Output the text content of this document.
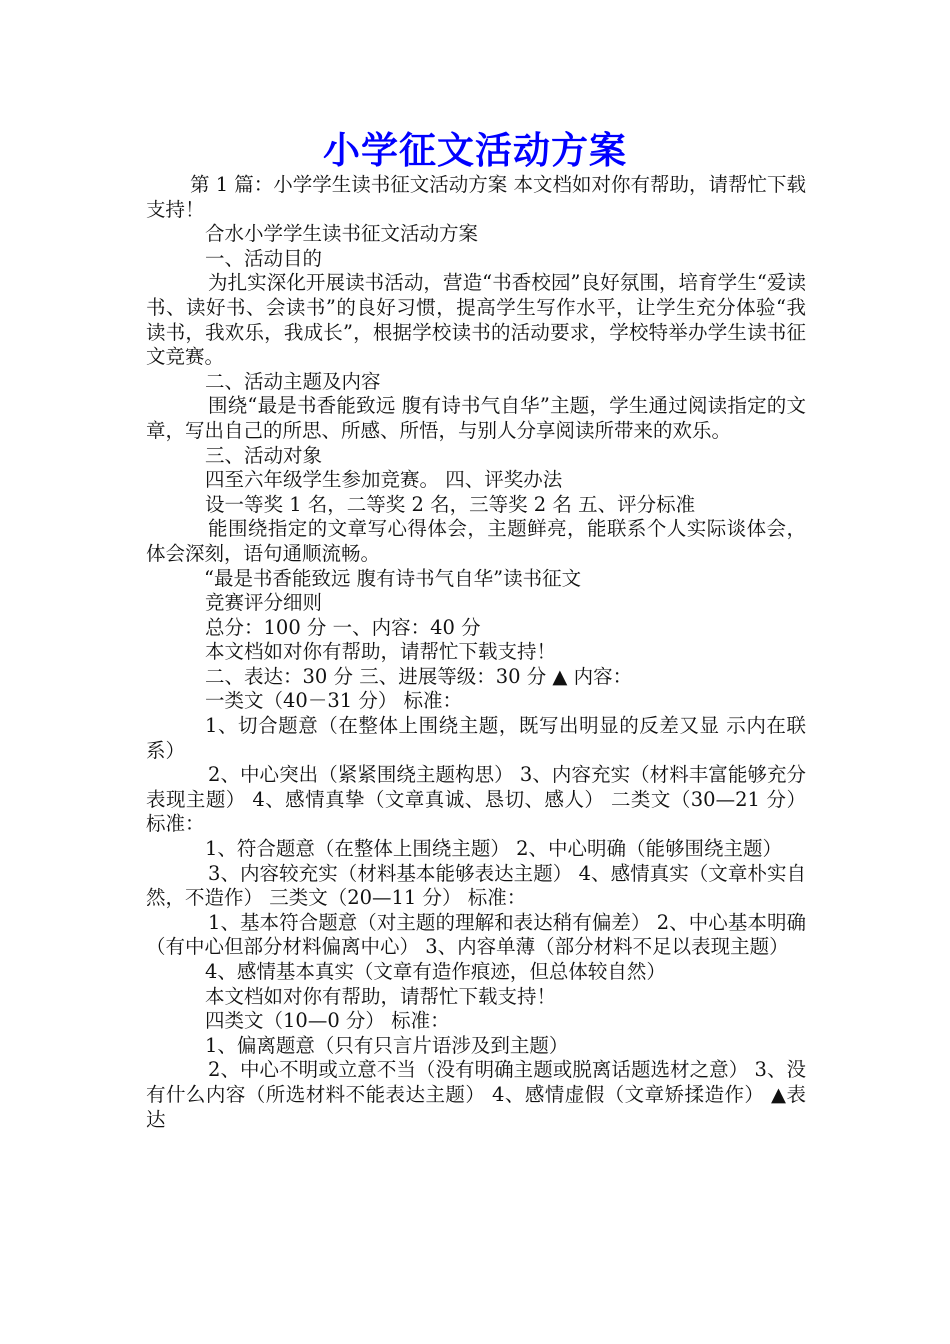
小学征文活动方案

第 1 篇：小学学生读书征文活动方案 本文档如对你有帮助，请帮忙下载支持！

合水小学学生读书征文活动方案

一、活动目的

为扎实深化开展读书活动，营造“书香校园”良好氛围，培育学生“爱读书、读好书、会读书”的良好习惯，提高学生写作水平，让学生充分体验“我读书，我欢乐，我成长”，根据学校读书的活动要求，学校特举办学生读书征文竞赛。

二、活动主题及内容

围绕“最是书香能致远 腹有诗书气自华”主题，学生通过阅读指定的文章，写出自己的所思、所感、所悟，与别人分享阅读所带来的欢乐。

三、活动对象

四至六年级学生参加竞赛。 四、评奖办法

设一等奖 1 名，二等奖 2 名，三等奖 2 名 五、评分标准

能围绕指定的文章写心得体会，主题鲜亮，能联系个人实际谈体会，体会深刻，语句通顺流畅。

“最是书香能致远 腹有诗书气自华”读书征文

竞赛评分细则

总分：100 分 一、内容：40 分

本文档如对你有帮助，请帮忙下载支持！

二、表达：30 分 三、进展等级：30 分 ▲ 内容：

一类文（40－31 分） 标准：

1、切合题意（在整体上围绕主题，既写出明显的反差又显 示内在联系）

2、中心突出（紧紧围绕主题构思） 3、内容充实（材料丰富能够充分表现主题） 4、感情真挚（文章真诚、恳切、感人） 二类文（30—21 分） 标准：

1、符合题意（在整体上围绕主题） 2、中心明确（能够围绕主题）

3、内容较充实（材料基本能够表达主题） 4、感情真实（文章朴实自然，不造作） 三类文（20—11 分） 标准：

1、基本符合题意（对主题的理解和表达稍有偏差） 2、中心基本明确（有中心但部分材料偏离中心） 3、内容单薄（部分材料不足以表现主题）

4、感情基本真实（文章有造作痕迹，但总体较自然）

本文档如对你有帮助，请帮忙下载支持！

四类文（10—0 分） 标准：

1、偏离题意（只有只言片语涉及到主题）

2、中心不明或立意不当（没有明确主题或脱离话题选材之意） 3、没有什么内容（所选材料不能表达主题） 4、感情虚假（文章矫揉造作） ▲表达
